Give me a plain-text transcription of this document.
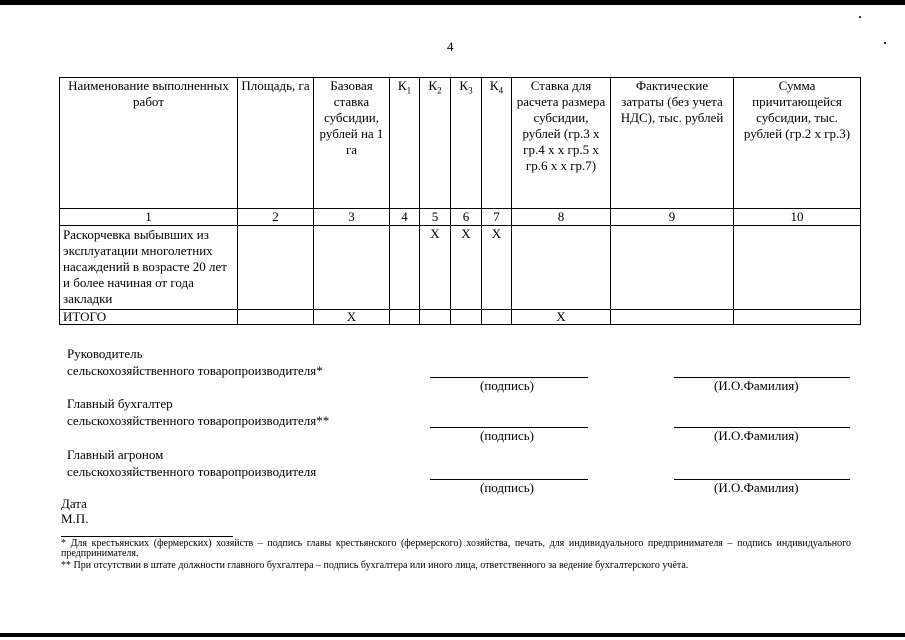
4
Наименование выполненных работ	Площадь, га	Базовая ставка субсидии, рублей на 1 га	$К_1$	$К_2$	$К_3$	$К_4$	Ставка для расчета размера субсидии, рублей (гр.3 х гр.4 х х гр.5 х гр.6 х х гр.7)	Фактические затраты (без учета НДС), тыс. рублей	Сумма причитающейся субсидии, тыс. рублей (гр.2 х гр.3)
1	2	3	4	5	6	7	8	9	10
Раскорчевка выбывших из эксплуатации многолетних насаждений в возрасте 20 лет и более начиная от года закладки				Х	Х	Х			
ИТОГО		Х					Х		
Руководитель
сельскохозяйственного товаропроизводителя*
(подпись)	(И.О.Фамилия)
Главный бухгалтер
сельскохозяйственного товаропроизводителя**
(подпись)	(И.О.Фамилия)
Главный агроном
сельскохозяйственного товаропроизводителя
(подпись)	(И.О.Фамилия)
Дата
М.П.
* Для крестьянских (фермерских) хозяйств – подпись главы крестьянского (фермерского) хозяйства, печать, для индивидуального предпринимателя – подпись индивидуального предпринимателя.
** При отсутствии в штате должности главного бухгалтера – подпись бухгалтера или иного лица, ответственного за ведение бухгалтерского учёта.
